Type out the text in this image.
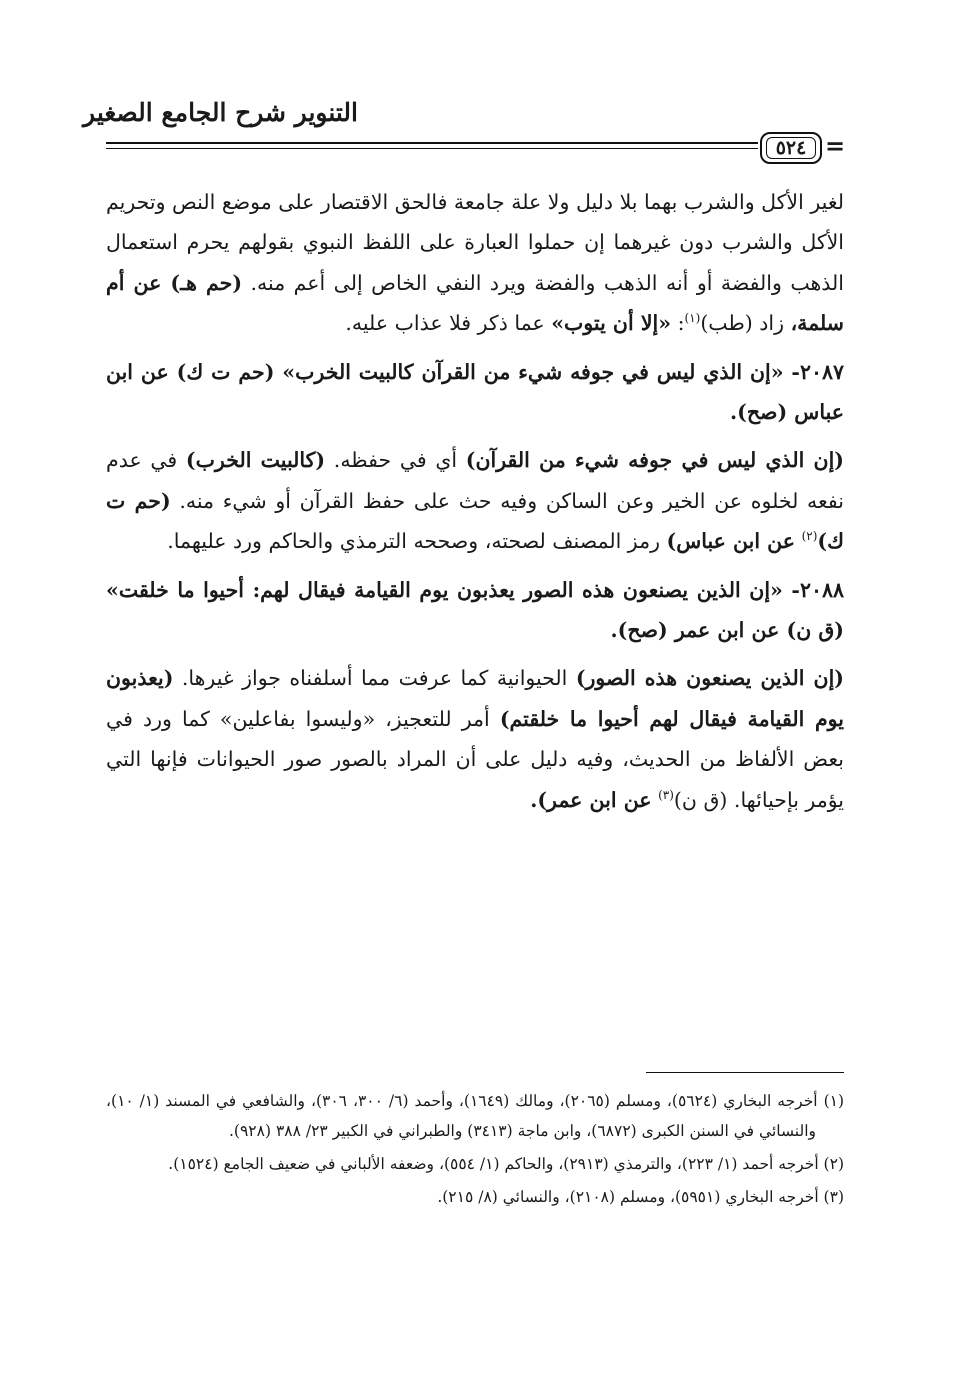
التنوير شرح الجامع الصغير
٥٢٤ =

لغير الأكل والشرب بهما بلا دليل ولا علة جامعة فالحق الاقتصار على موضع النص وتحريم الأكل والشرب دون غيرهما إن حملوا العبارة على اللفظ النبوي بقولهم يحرم استعمال الذهب والفضة أو أنه الذهب والفضة ويرد النفي الخاص إلى أعم منه. (حم هـ) عن أم سلمة، زاد (طب)$^{(١)}$: «إلا أن يتوب» عما ذكر فلا عذاب عليه.

٢٠٨٧- «إن الذي ليس في جوفه شيء من القرآن كالبيت الخرب» (حم ت ك) عن ابن عباس (صح).

(إن الذي ليس في جوفه شيء من القرآن) أي في حفظه. (كالبيت الخرب) في عدم نفعه لخلوه عن الخير وعن الساكن وفيه حث على حفظ القرآن أو شيء منه. (حم ت ك)$^{(٢)}$ عن ابن عباس) رمز المصنف لصحته، وصححه الترمذي والحاكم ورد عليهما.

٢٠٨٨- «إن الذين يصنعون هذه الصور يعذبون يوم القيامة فيقال لهم: أحيوا ما خلقت» (ق ن) عن ابن عمر (صح).

(إن الذين يصنعون هذه الصور) الحيوانية كما عرفت مما أسلفناه جواز غيرها. (يعذبون يوم القيامة فيقال لهم أحيوا ما خلقتم) أمر للتعجيز، «وليسوا بفاعلين» كما ورد في بعض الألفاظ من الحديث، وفيه دليل على أن المراد بالصور صور الحيوانات فإنها التي يؤمر بإحيائها. (ق ن)$^{(٣)}$ عن ابن عمر).

(١) أخرجه البخاري (٥٦٢٤)، ومسلم (٢٠٦٥)، ومالك (١٦٤٩)، وأحمد (٦/ ٣٠٠، ٣٠٦)، والشافعي في المسند (١/ ١٠)، والنسائي في السنن الكبرى (٦٨٧٢)، وابن ماجة (٣٤١٣) والطبراني في الكبير ٢٣/ ٣٨٨ (٩٢٨).

(٢) أخرجه أحمد (١/ ٢٢٣)، والترمذي (٢٩١٣)، والحاكم (١/ ٥٥٤)، وضعفه الألباني في ضعيف الجامع (١٥٢٤).

(٣) أخرجه البخاري (٥٩٥١)، ومسلم (٢١٠٨)، والنسائي (٨/ ٢١٥).
